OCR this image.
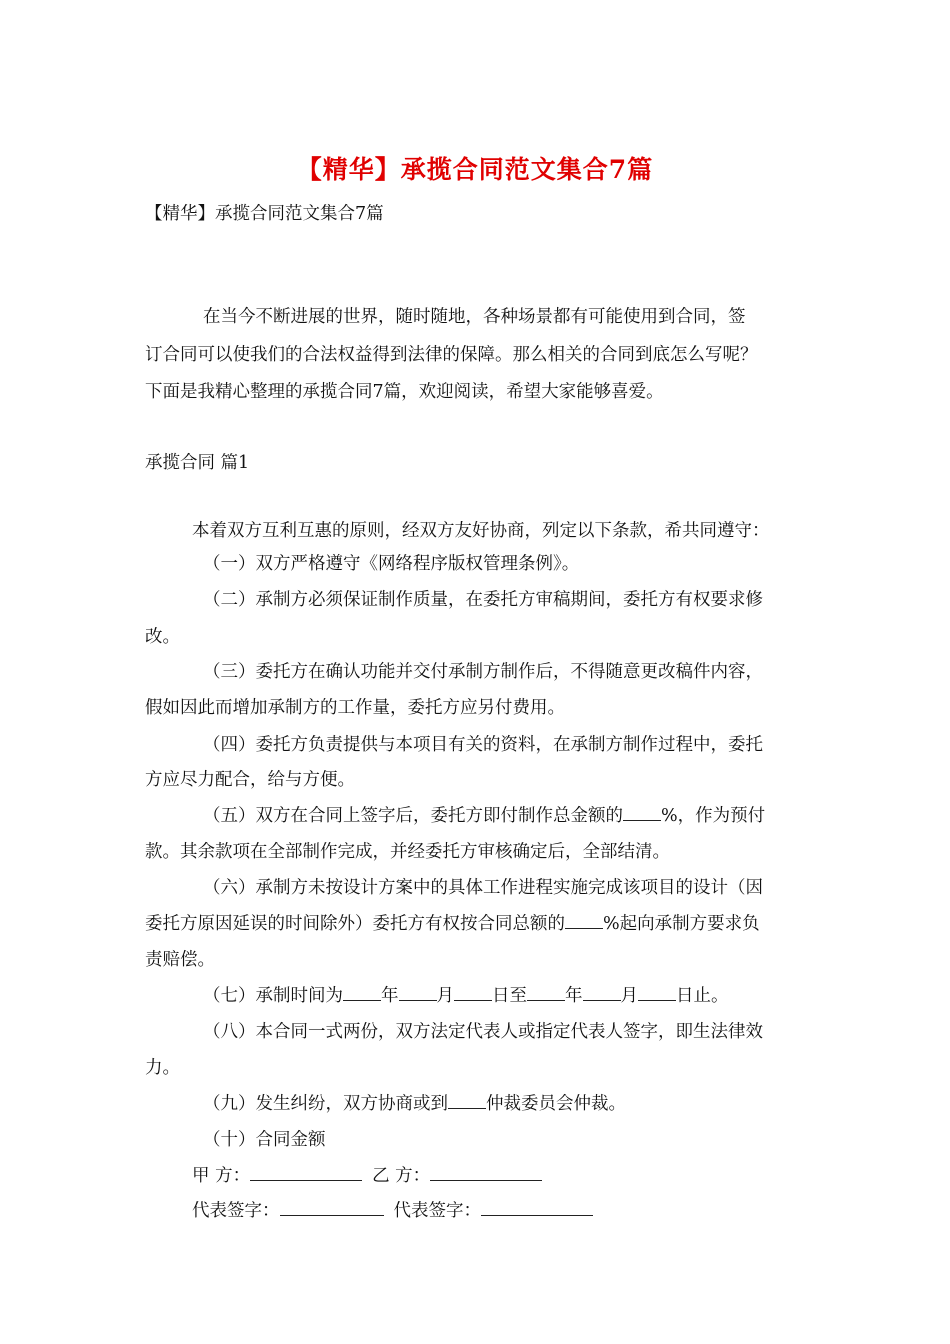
【精华】承揽合同范文集合7篇
【精华】承揽合同范文集合7篇
在当今不断进展的世界，随时随地，各种场景都有可能使用到合同，签
订合同可以使我们的合法权益得到法律的保障。那么相关的合同到底怎么写呢？
下面是我精心整理的承揽合同7篇，欢迎阅读，希望大家能够喜爱。
承揽合同 篇1
本着双方互利互惠的原则，经双方友好协商，列定以下条款，希共同遵守：
（一）双方严格遵守《网络程序版权管理条例》。
（二）承制方必须保证制作质量，在委托方审稿期间，委托方有权要求修
改。
（三）委托方在确认功能并交付承制方制作后，不得随意更改稿件内容，
假如因此而增加承制方的工作量，委托方应另付费用。
（四）委托方负责提供与本项目有关的资料，在承制方制作过程中，委托
方应尽力配合，给与方便。
（五）双方在合同上签字后，委托方即付制作总金额的 %，作为预付
款。其余款项在全部制作完成，并经委托方审核确定后，全部结清。
（六）承制方未按设计方案中的具体工作进程实施完成该项目的设计（因
委托方原因延误的时间除外）委托方有权按合同总额的 %起向承制方要求负
责赔偿。
（七）承制时间为 年 月 日至 年 月 日止。
（八）本合同一式两份，双方法定代表人或指定代表人签字，即生法律效
力。
（九）发生纠纷，双方协商或到 仲裁委员会仲裁。
（十）合同金额
甲 方：	乙 方：
代表签字：	代表签字：
